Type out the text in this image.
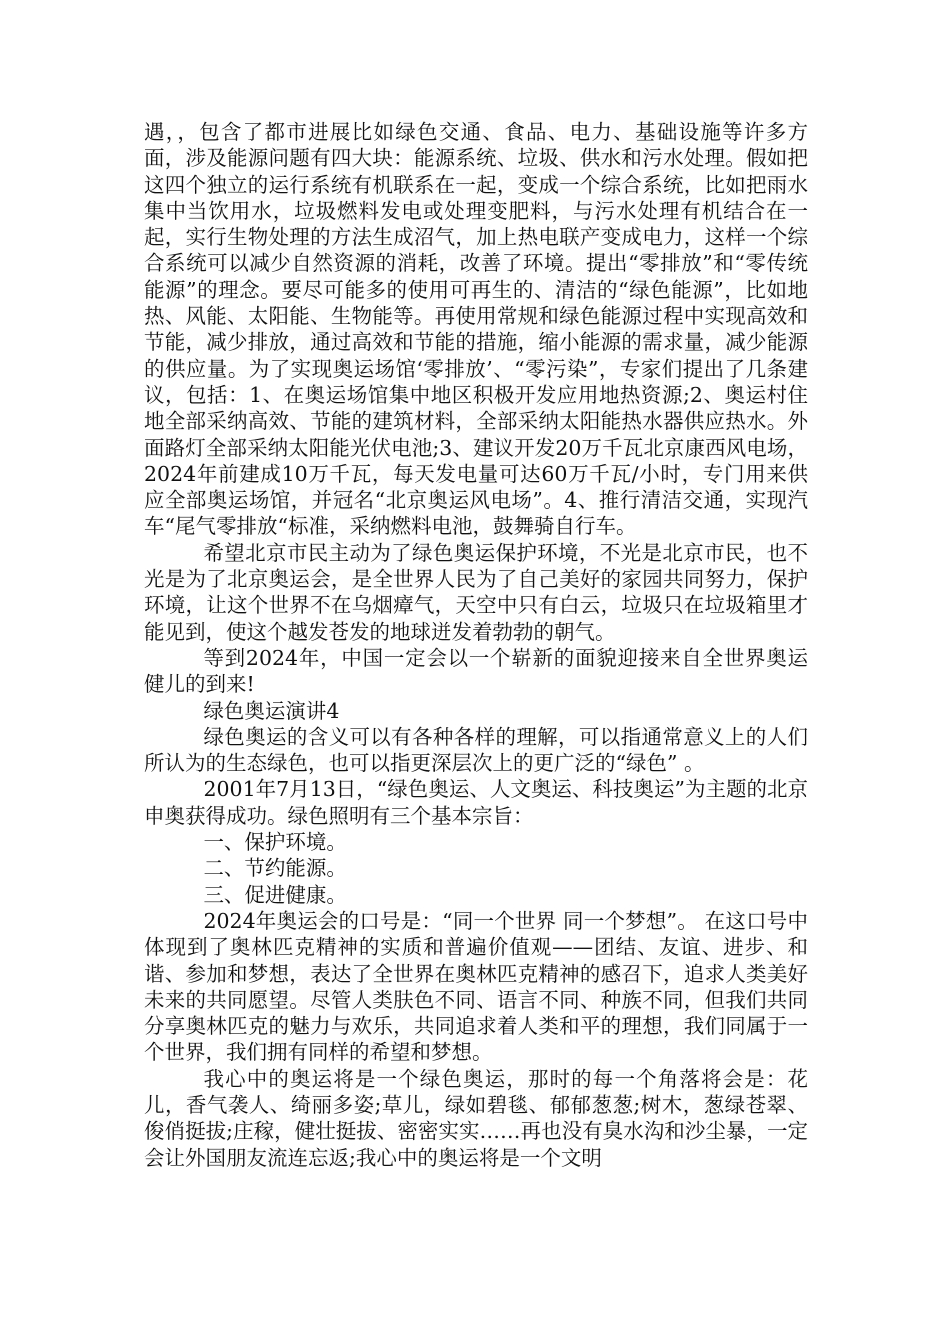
遇，，包含了都市进展比如绿色交通、食品、电力、基础设施等许多方面，涉及能源问题有四大块：能源系统、垃圾、供水和污水处理。假如把这四个独立的运行系统有机联系在一起，变成一个综合系统，比如把雨水集中当饮用水，垃圾燃料发电或处理变肥料，与污水处理有机结合在一起，实行生物处理的方法生成沼气，加上热电联产变成电力，这样一个综合系统可以减少自然资源的消耗，改善了环境。提出“零排放”和“零传统能源”的理念。要尽可能多的使用可再生的、清洁的“绿色能源”，比如地热、风能、太阳能、生物能等。再使用常规和绿色能源过程中实现高效和节能，减少排放，通过高效和节能的措施，缩小能源的需求量，减少能源的供应量。为了实现奥运场馆‘零排放’、“零污染”，专家们提出了几条建议，包括：1、在奥运场馆集中地区积极开发应用地热资源;2、奥运村住地全部采纳高效、节能的建筑材料，全部采纳太阳能热水器供应热水。外面路灯全部采纳太阳能光伏电池;3、建议开发20万千瓦北京康西风电场，2024年前建成10万千瓦，每天发电量可达60万千瓦/小时，专门用来供应全部奥运场馆，并冠名“北京奥运风电场”。4、推行清洁交通，实现汽车“尾气零排放“标准，采纳燃料电池，鼓舞骑自行车。

希望北京市民主动为了绿色奥运保护环境，不光是北京市民，也不光是为了北京奥运会，是全世界人民为了自己美好的家园共同努力，保护环境，让这个世界不在乌烟瘴气，天空中只有白云，垃圾只在垃圾箱里才能见到，使这个越发苍发的地球迸发着勃勃的朝气。

等到2024年，中国一定会以一个崭新的面貌迎接来自全世界奥运健儿的到来!

绿色奥运演讲4

绿色奥运的含义可以有各种各样的理解，可以指通常意义上的人们所认为的生态绿色，也可以指更深层次上的更广泛的“绿色” 。

2001年7月13日，“绿色奥运、人文奥运、科技奥运”为主题的北京申奥获得成功。绿色照明有三个基本宗旨：

一、保护环境。

二、节约能源。

三、促进健康。

2024年奥运会的口号是：“同一个世界 同一个梦想”。 在这口号中体现到了奥林匹克精神的实质和普遍价值观——团结、友谊、进步、和谐、参加和梦想，表达了全世界在奥林匹克精神的感召下，追求人类美好未来的共同愿望。尽管人类肤色不同、语言不同、种族不同，但我们共同分享奥林匹克的魅力与欢乐，共同追求着人类和平的理想，我们同属于一个世界，我们拥有同样的希望和梦想。

我心中的奥运将是一个绿色奥运，那时的每一个角落将会是：花儿，香气袭人、绮丽多姿;草儿，绿如碧毯、郁郁葱葱;树木，葱绿苍翠、俊俏挺拔;庄稼，健壮挺拔、密密实实……再也没有臭水沟和沙尘暴，一定会让外国朋友流连忘返;我心中的奥运将是一个文明
